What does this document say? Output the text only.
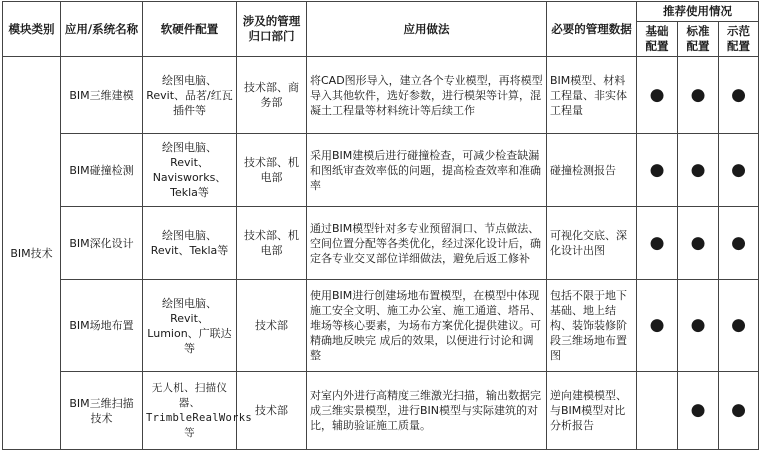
模块类别	应用/系统名称	软硬件配置	涉及的管理归口部门	应用做法	必要的管理数据	推荐使用情况		
						基础配置	标准配置	示范配置
BIM技术	BIM三维建模	绘图电脑、Revit、品茗/红瓦插件等	技术部、商务部	将CAD图形导入，建立各个专业模型，再将模型导入其他软件，选好参数，进行模架等计算，混凝土工程量等材料统计等后续工作	BIM模型、材料工程量、非实体工程量	●	●	●
	BIM碰撞检测	绘图电脑、Revit、Navisworks、Tekla等	技术部、机电部	采用BIM建模后进行碰撞检查，可减少检查缺漏和图纸审查效率低的问题，提高检查效率和准确率	碰撞检测报告	●	●	●
	BIM深化设计	绘图电脑、Revit、Tekla等	技术部、机电部	通过BIM模型针对多专业预留洞口、节点做法、空间位置分配等各类优化，经过深化设计后，确定各专业交叉部位详细做法，避免后返工修补	可视化交底、深化设计出图	●	●	●
	BIM场地布置	绘图电脑、Revit、Lumion、广联达等	技术部	使用BIM进行创建场地布置模型，在模型中体现施工安全文明、施工办公室、施工通道、塔吊、堆场等核心要素，为场布方案优化提供建议。可精确地反映完 成后的效果，以便进行讨论和调整	包括不限于地下基础、地上结构、装饰装修阶段三维场地布置图	●	●	●
	BIM三维扫描技术	无人机、扫描仪器、TrimbleRealWorks等	技术部	对室内外进行高精度三维激光扫描，输出数据完成三维实景模型，进行BIN模型与实际建筑的对比，辅助验证施工质量。	逆向建模模型、与BIM模型对比分析报告		●	●
